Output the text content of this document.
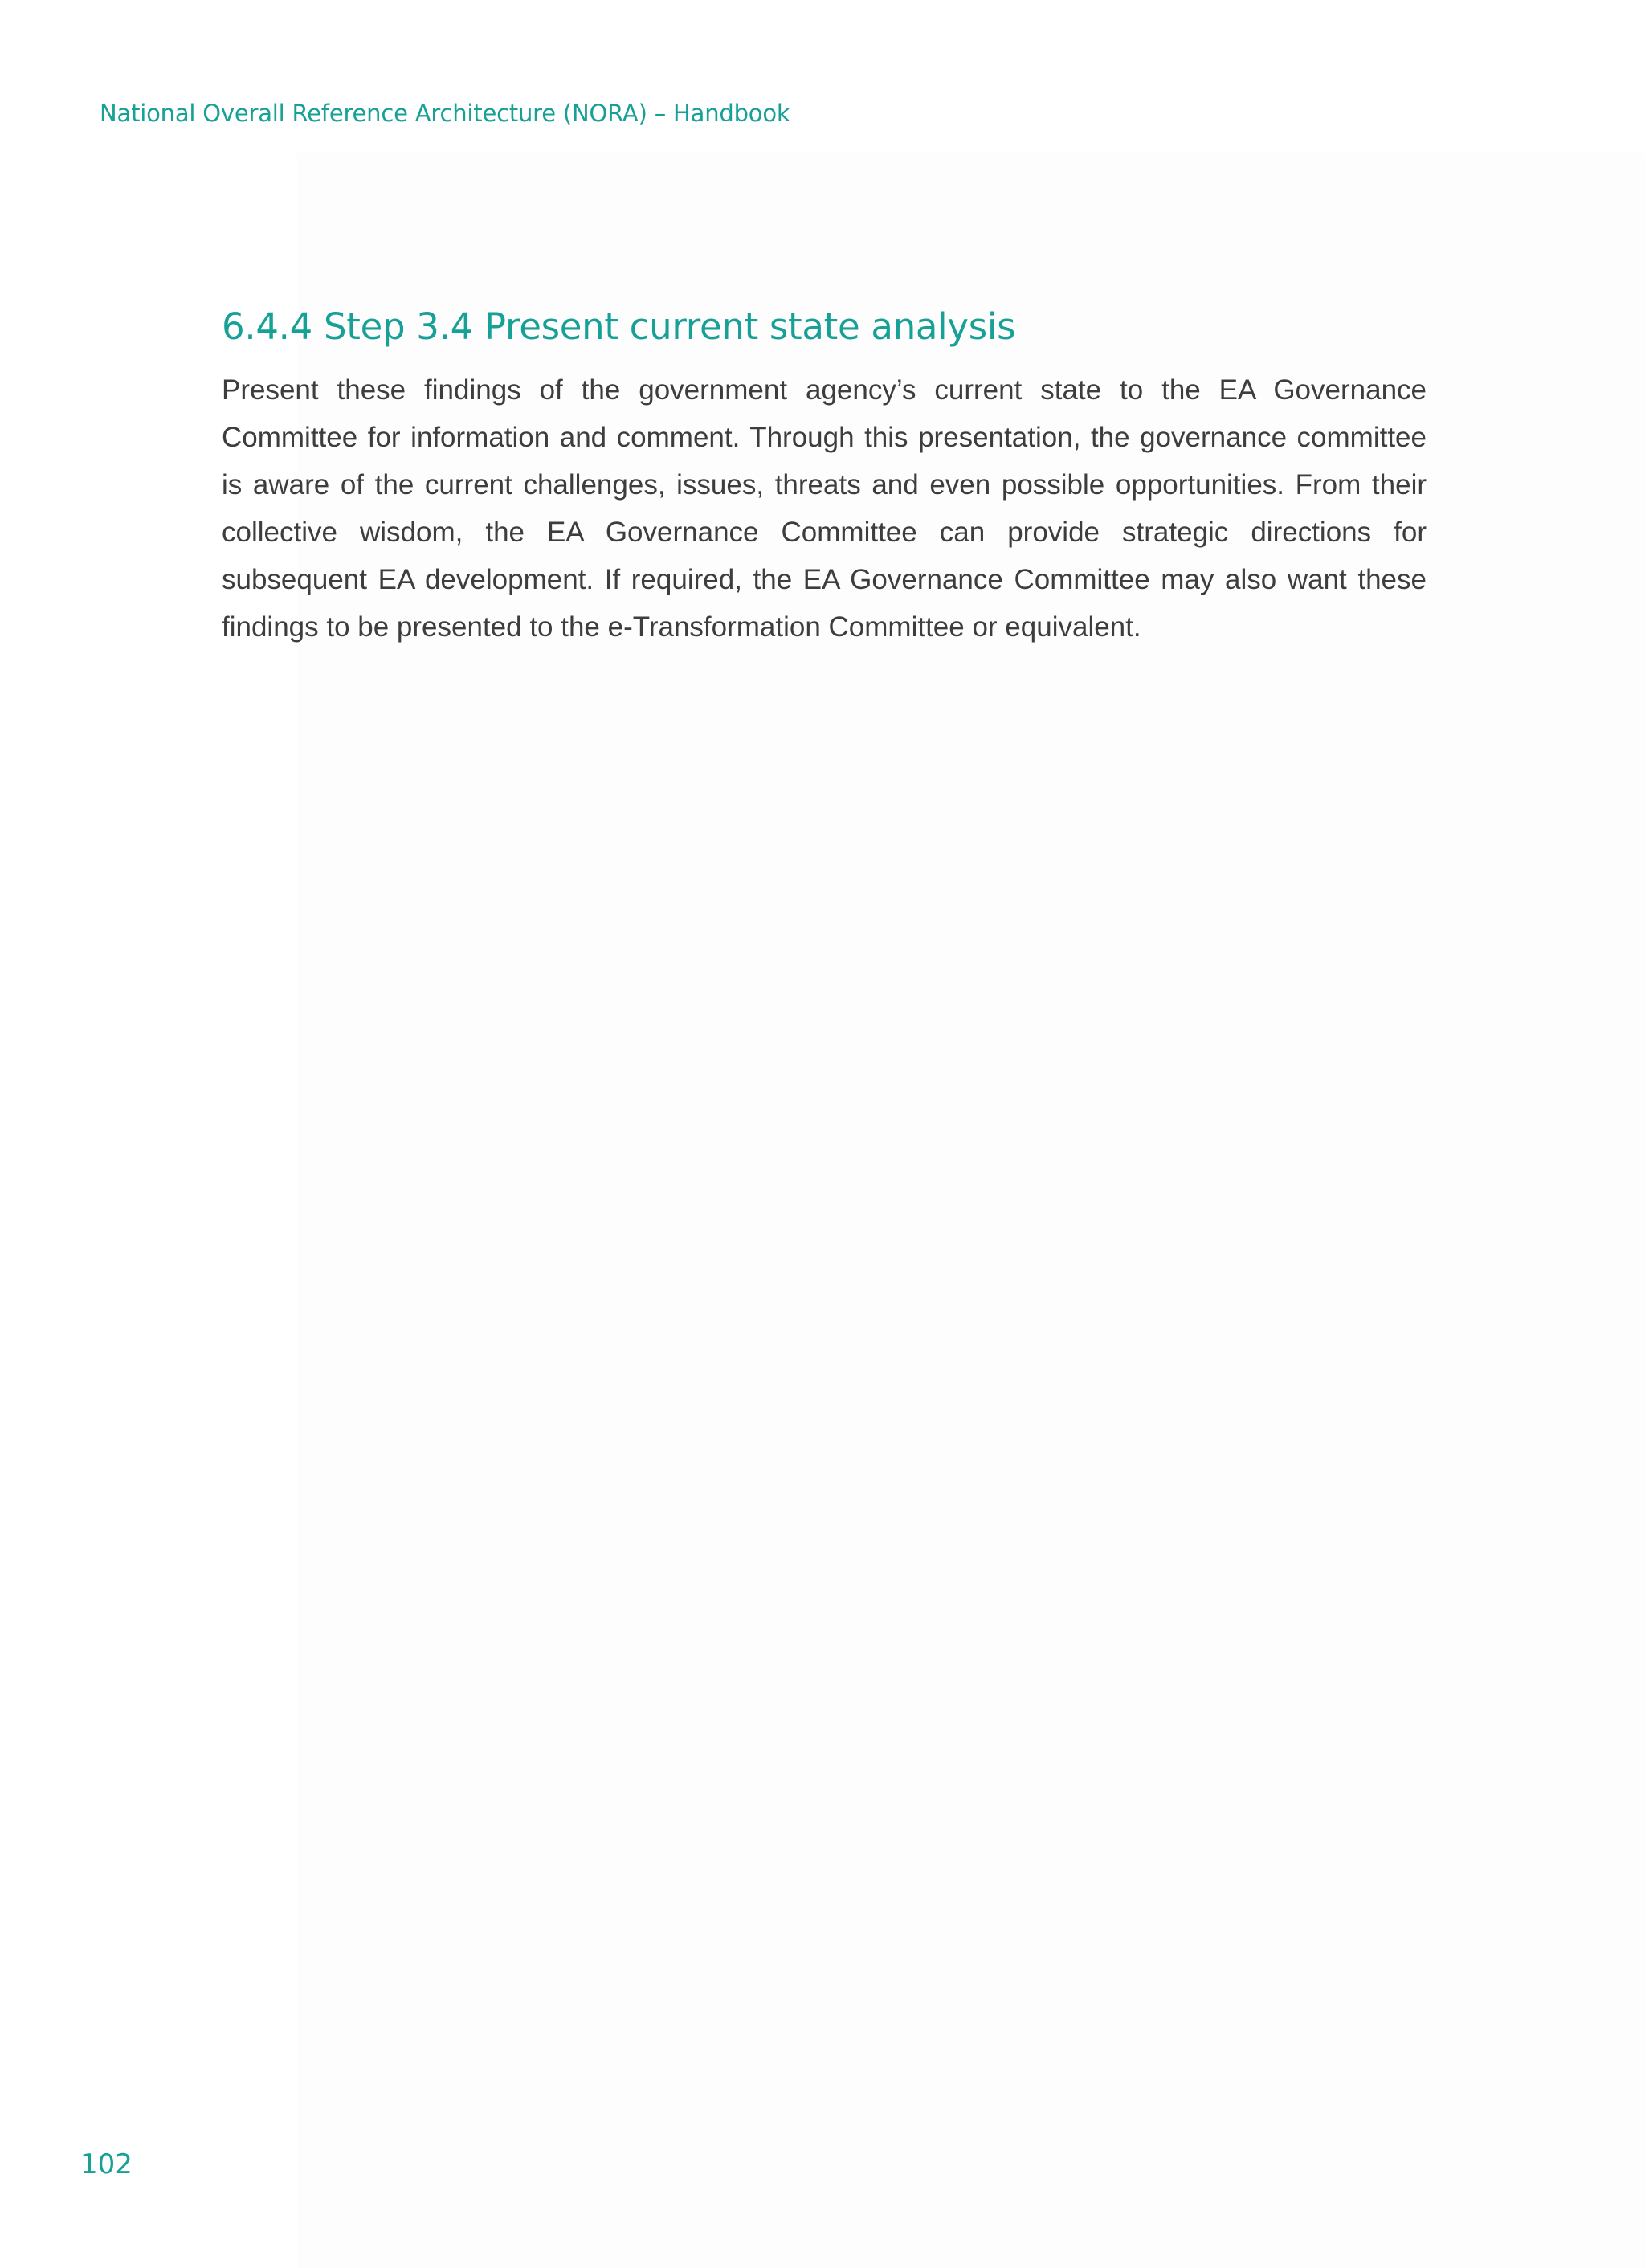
National Overall Reference Architecture (NORA) – Handbook
6.4.4 Step 3.4 Present current state analysis

Present these findings of the government agency’s current state to the EA Governance Committee for information and comment. Through this presentation, the governance committee is aware of the current challenges, issues, threats and even possible opportunities. From their collective wisdom, the EA Governance Committee can provide strategic directions for subsequent EA development. If required, the EA Governance Committee may also want these findings to be presented to the e-Transformation Committee or equivalent.

102
